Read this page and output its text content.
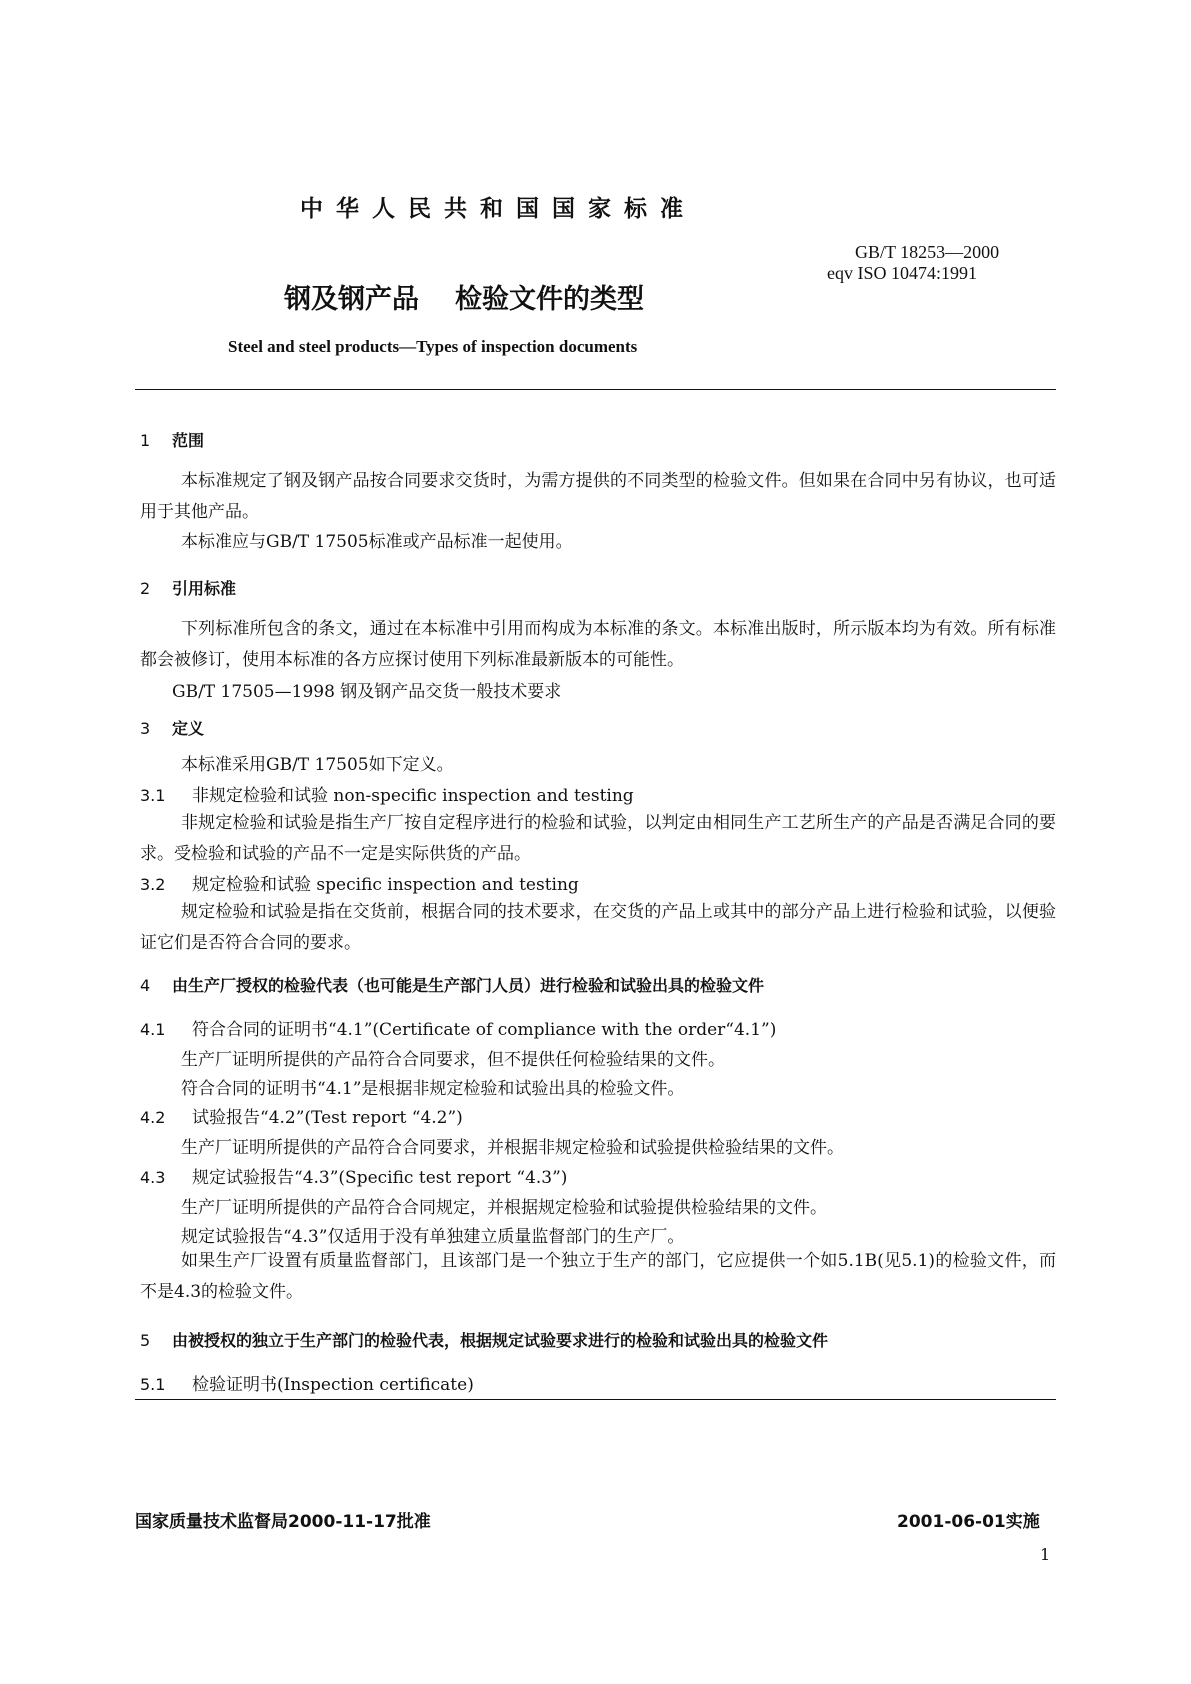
中华人民共和国国家标准
GB/T 18253—2000
eqv ISO 10474:1991
钢及钢产品 检验文件的类型
Steel and steel products—Types of inspection documents
1 范围
本标准规定了钢及钢产品按合同要求交货时，为需方提供的不同类型的检验文件。但如果在合同中另有协议，也可适用于其他产品。
本标准应与GB/T 17505标准或产品标准一起使用。
2 引用标准
下列标准所包含的条文，通过在本标准中引用而构成为本标准的条文。本标准出版时，所示版本均为有效。所有标准都会被修订，使用本标准的各方应探讨使用下列标准最新版本的可能性。
GB/T 17505—1998 钢及钢产品交货一般技术要求
3 定义
本标准采用GB/T 17505如下定义。
3.1 非规定检验和试验 non-specific inspection and testing
非规定检验和试验是指生产厂按自定程序进行的检验和试验，以判定由相同生产工艺所生产的产品是否满足合同的要求。受检验和试验的产品不一定是实际供货的产品。
3.2 规定检验和试验 specific inspection and testing
规定检验和试验是指在交货前，根据合同的技术要求，在交货的产品上或其中的部分产品上进行检验和试验，以便验证它们是否符合合同的要求。
4 由生产厂授权的检验代表（也可能是生产部门人员）进行检验和试验出具的检验文件
4.1 符合合同的证明书“4.1”(Certificate of compliance with the order“4.1”)
生产厂证明所提供的产品符合合同要求，但不提供任何检验结果的文件。
符合合同的证明书“4.1”是根据非规定检验和试验出具的检验文件。
4.2 试验报告“4.2”(Test report “4.2”)
生产厂证明所提供的产品符合合同要求，并根据非规定检验和试验提供检验结果的文件。
4.3 规定试验报告“4.3”(Specific test report “4.3”)
生产厂证明所提供的产品符合合同规定，并根据规定检验和试验提供检验结果的文件。
规定试验报告“4.3”仅适用于没有单独建立质量监督部门的生产厂。
如果生产厂设置有质量监督部门，且该部门是一个独立于生产的部门，它应提供一个如5.1B(见5.1)的检验文件，而不是4.3的检验文件。
5 由被授权的独立于生产部门的检验代表，根据规定试验要求进行的检验和试验出具的检验文件
5.1 检验证明书(Inspection certificate)
国家质量技术监督局2000-11-17批准	2001-06-01实施
1
